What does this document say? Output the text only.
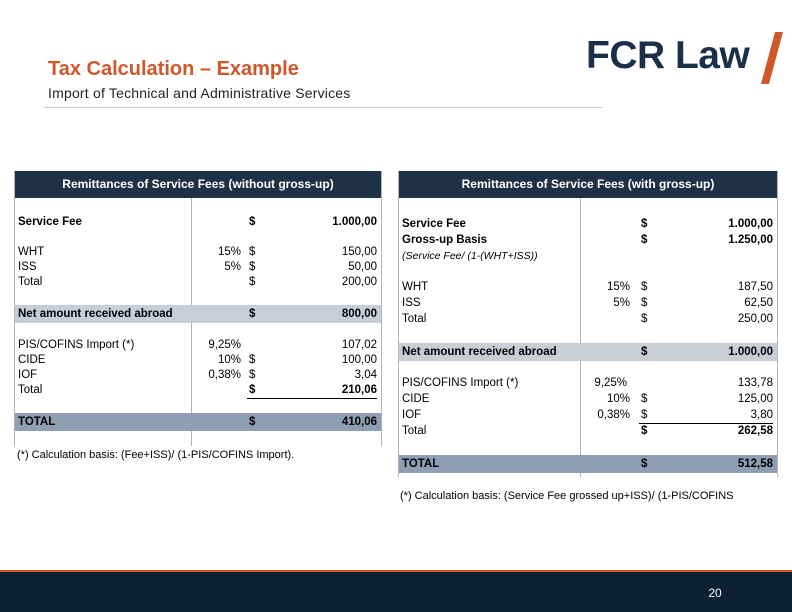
Tax Calculation – Example
Import of Technical and Administrative Services
FCR Law
Remittances of Service Fees (without gross-up)
Service Fee	$	1.000,00
WHT	15% $	150,00
ISS	5% $	50,00
Total	$	200,00
Net amount received abroad	$	800,00
PIS/COFINS Import (*)	9,25%	107,02
CIDE	10% $	100,00
IOF	0,38% $	3,04
Total	$	210,06
TOTAL	$	410,06
(*) Calculation basis: (Fee+ISS)/ (1-PIS/COFINS Import).
Remittances of Service Fees (with gross-up)
Service Fee	$	1.000,00
Gross-up Basis	$	1.250,00
(Service Fee/ (1-(WHT+ISS))
WHT	15% $	187,50
ISS	5% $	62,50
Total	$	250,00
Net amount received abroad	$	1.000,00
PIS/COFINS Import (*)	9,25%	133,78
CIDE	10% $	125,00
IOF	0,38% $	3,80
Total	$	262,58
TOTAL	$	512,58
(*) Calculation basis: (Service Fee grossed up+ISS)/ (1-PIS/COFINS
20
